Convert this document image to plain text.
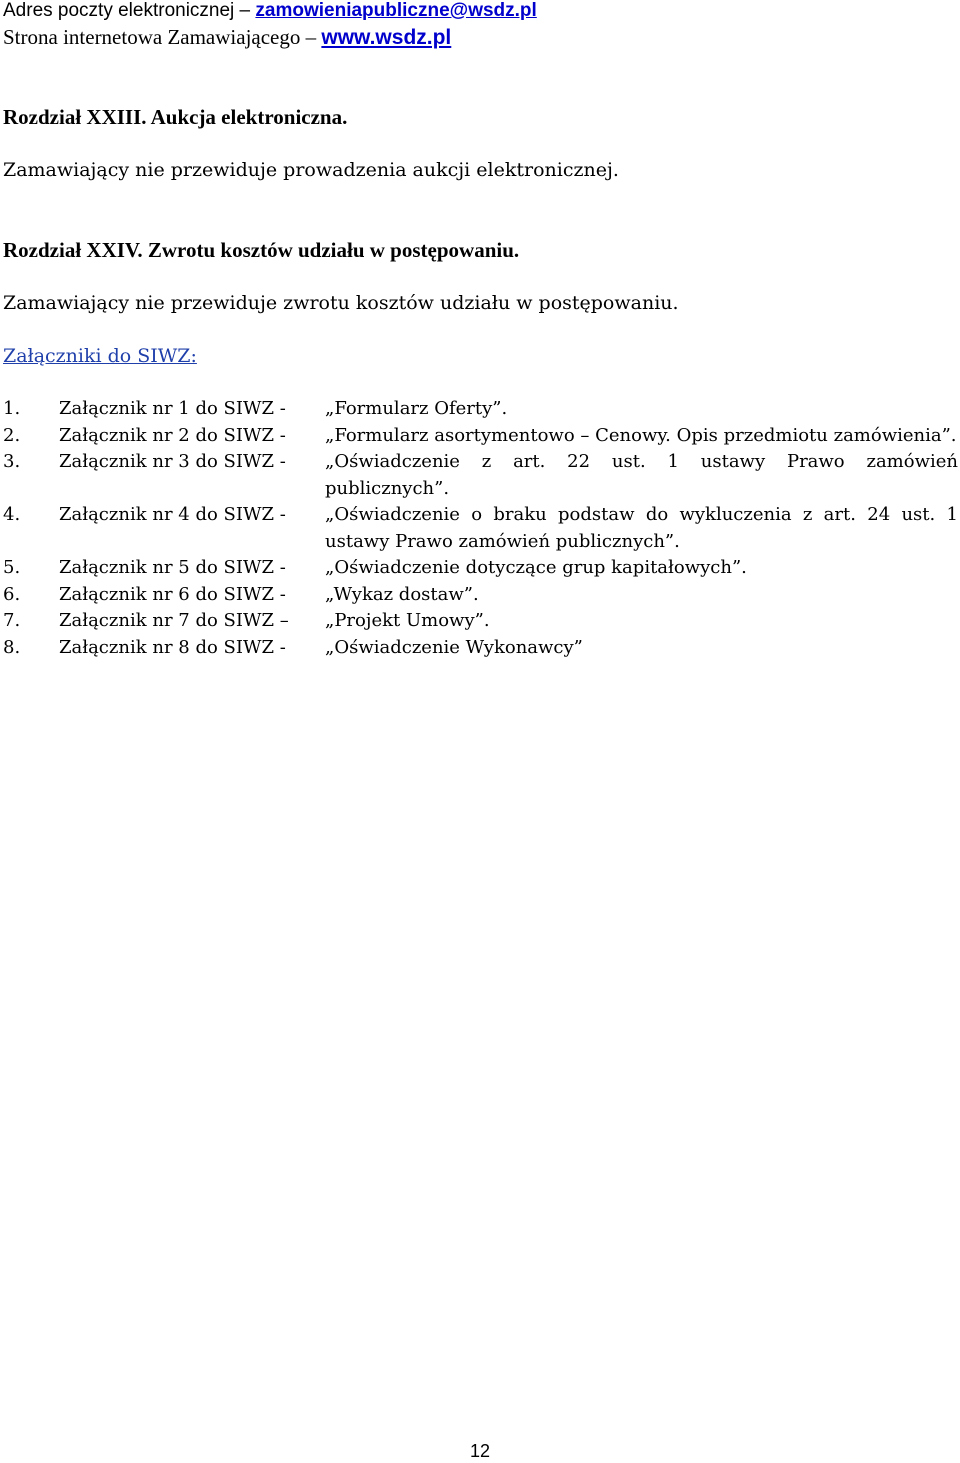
Adres poczty elektronicznej – zamowieniapubliczne@wsdz.pl
Strona internetowa Zamawiającego – www.wsdz.pl
Rozdział XXIII. Aukcja elektroniczna.
Zamawiający nie przewiduje prowadzenia aukcji elektronicznej.
Rozdział XXIV. Zwrotu kosztów udziału w postępowaniu.
Zamawiający nie przewiduje zwrotu kosztów udziału w postępowaniu.
Załączniki do SIWZ:
1.	Załącznik nr 1 do SIWZ -	„Formularz Oferty”.
2.	Załącznik nr 2 do SIWZ -	„Formularz asortymentowo – Cenowy. Opis przedmiotu zamówienia”.
3.	Załącznik nr 3 do SIWZ -	„Oświadczenie z art. 22 ust. 1 ustawy Prawo zamówień publicznych”.
4.	Załącznik nr 4 do SIWZ -	„Oświadczenie o braku podstaw do wykluczenia z art. 24 ust. 1 ustawy Prawo zamówień publicznych”.
5.	Załącznik nr 5 do SIWZ -	„Oświadczenie dotyczące grup kapitałowych”.
6.	Załącznik nr 6 do SIWZ -	„Wykaz dostaw”.
7.	Załącznik nr 7 do SIWZ –	„Projekt Umowy”.
8.	Załącznik nr 8 do SIWZ -	„Oświadczenie Wykonawcy”
12
